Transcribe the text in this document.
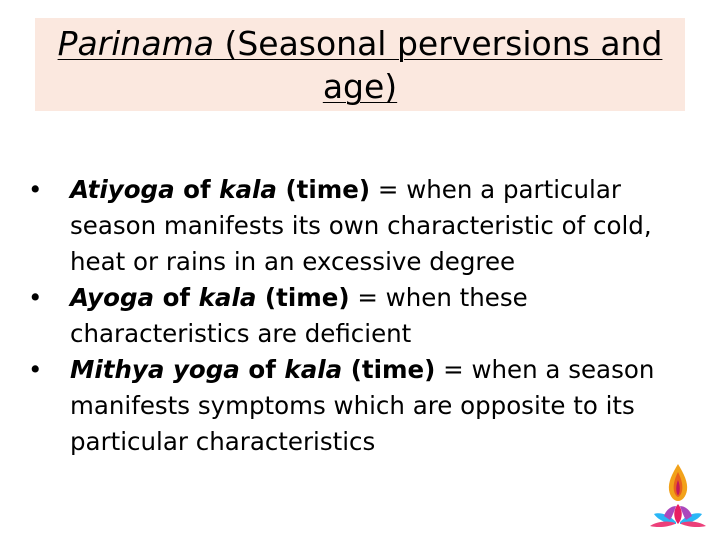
Parinama (Seasonal perversions and age)
• Atiyoga of kala (time) = when a particular season manifests its own characteristic of cold, heat or rains in an excessive degree
• Ayoga of kala (time) = when these characteristics are deficient
• Mithya yoga of kala (time) = when a season manifests symptoms which are opposite to its particular characteristics
